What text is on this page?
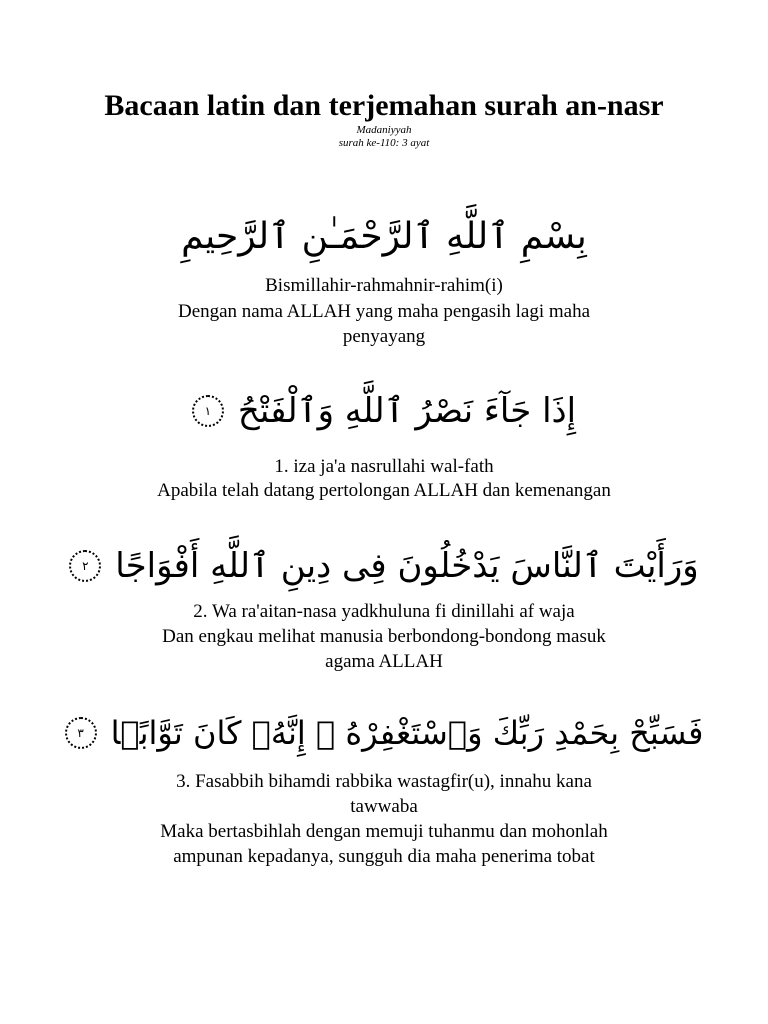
Bacaan latin dan terjemahan surah an-nasr
Madaniyyah
surah ke-110: 3 ayat
بِسْمِ ٱللَّهِ ٱلرَّحْمَـٰنِ ٱلرَّحِيمِ
Bismillahir-rahmahnir-rahim(i)
Dengan nama ALLAH yang maha pengasih lagi maha
penyayang
إِذَا جَآءَ نَصْرُ ٱللَّهِ وَٱلْفَتْحُ
١
1. iza ja'a nasrullahi wal-fath
Apabila telah datang pertolongan ALLAH dan kemenangan
وَرَأَيْتَ ٱلنَّاسَ يَدْخُلُونَ فِى دِينِ ٱللَّهِ أَفْوَاجًا
٢
2. Wa ra'aitan-nasa yadkhuluna fi dinillahi af waja
Dan engkau melihat manusia berbondong-bondong masuk
agama ALLAH
فَسَبِّحْ بِحَمْدِ رَبِّكَ وَٱسْتَغْفِرْهُ ۚ إِنَّهُۥ كَانَ تَوَّابًۢا
٣
3. Fasabbih bihamdi rabbika wastagfir(u), innahu kana
tawwaba
Maka bertasbihlah dengan memuji tuhanmu dan mohonlah
ampunan kepadanya, sungguh dia maha penerima tobat
